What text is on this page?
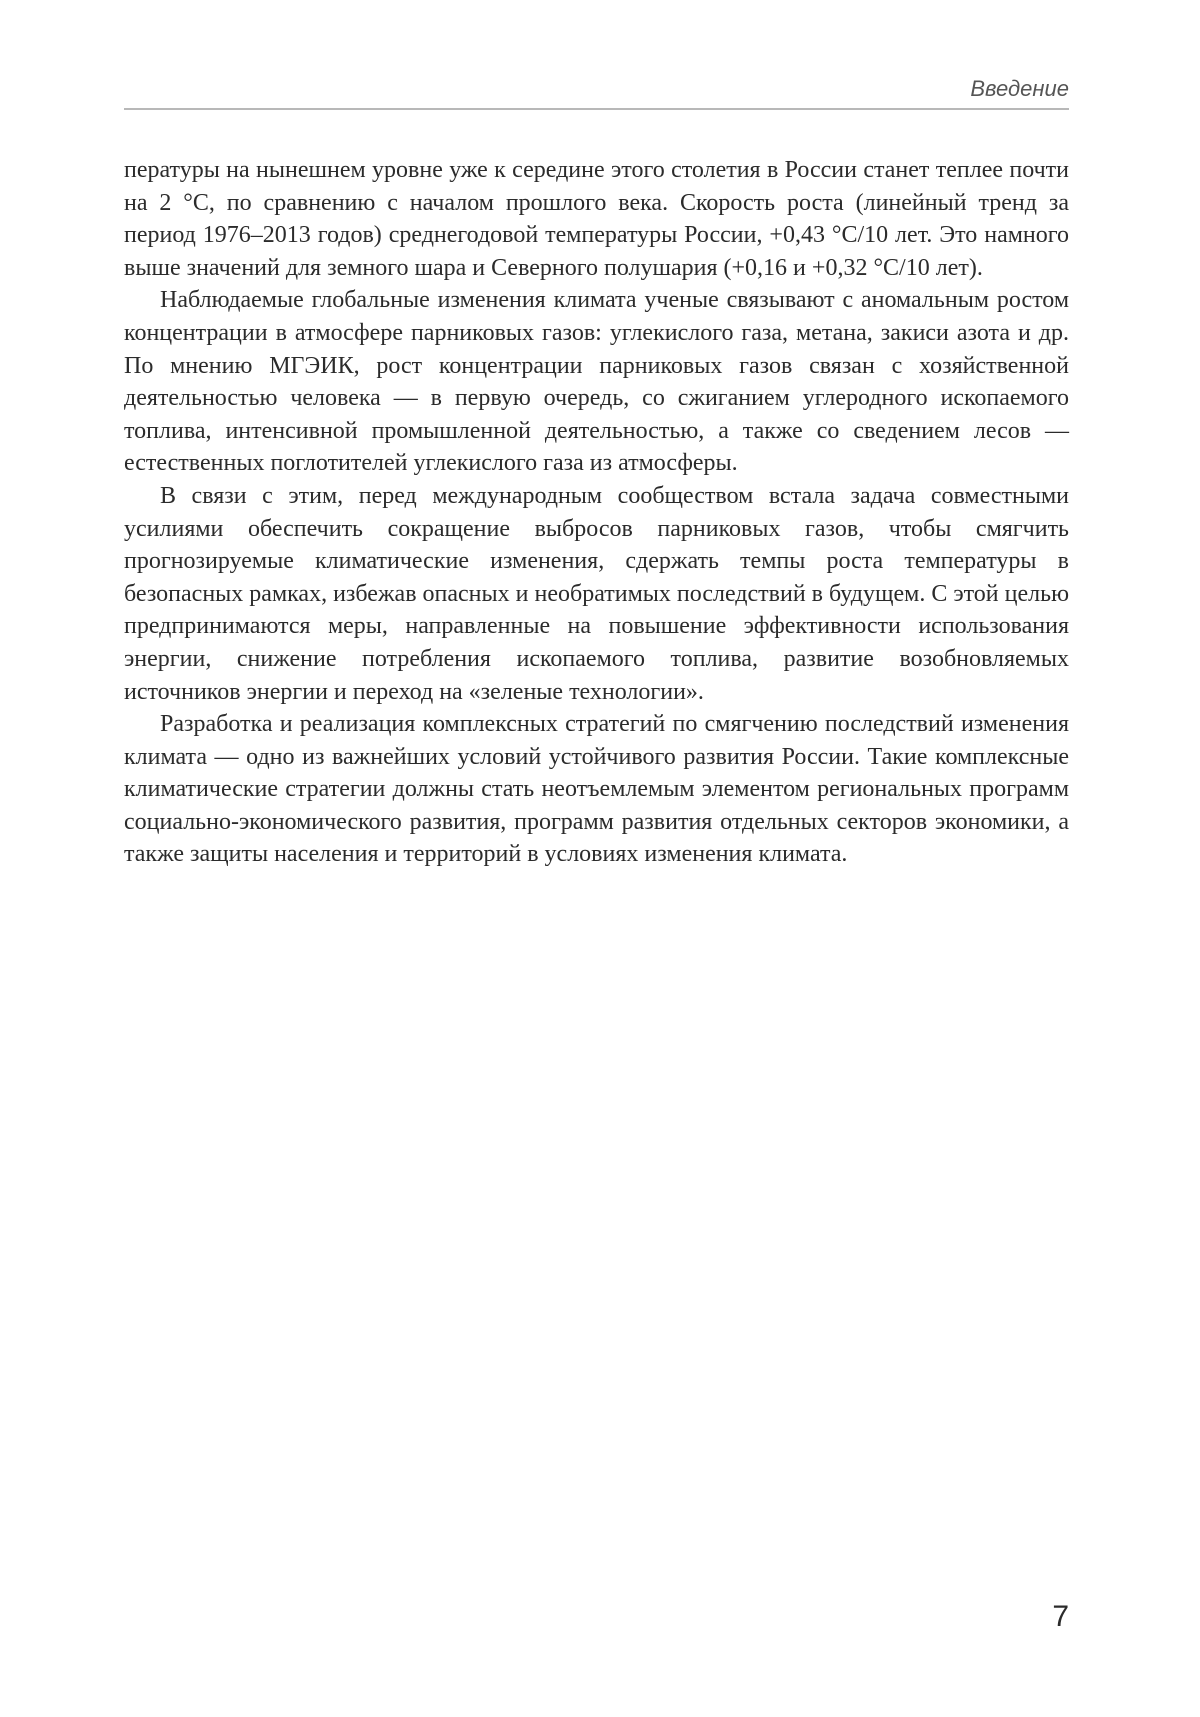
Введение

пературы на нынешнем уровне уже к середине этого столетия в России станет теплее почти на 2 °С, по сравнению с началом прошлого века. Скорость роста (линейный тренд за период 1976–2013 годов) среднегодовой температуры России, +0,43 °С/10 лет. Это намного выше значений для земного шара и Северного полушария (+0,16 и +0,32 °С/10 лет).

Наблюдаемые глобальные изменения климата ученые связывают с аномальным ростом концентрации в атмосфере парниковых газов: углекислого газа, метана, закиси азота и др. По мнению МГЭИК, рост концентрации парниковых газов связан с хозяйственной деятельностью человека — в первую очередь, со сжиганием углеродного ископаемого топлива, интенсивной промышленной деятельностью, а также со сведением лесов — естественных поглотителей углекислого газа из атмосферы.

В связи с этим, перед международным сообществом встала задача совместными усилиями обеспечить сокращение выбросов парниковых газов, чтобы смягчить прогнозируемые климатические изменения, сдержать темпы роста температуры в безопасных рамках, избежав опасных и необратимых последствий в будущем. С этой целью предпринимаются меры, направленные на повышение эффективности использования энергии, снижение потребления ископаемого топлива, развитие возобновляемых источников энергии и переход на «зеленые технологии».

Разработка и реализация комплексных стратегий по смягчению последствий изменения климата — одно из важнейших условий устойчивого развития России. Такие комплексные климатические стратегии должны стать неотъемлемым элементом региональных программ социально-экономического развития, программ развития отдельных секторов экономики, а также защиты населения и территорий в условиях изменения климата.

7
